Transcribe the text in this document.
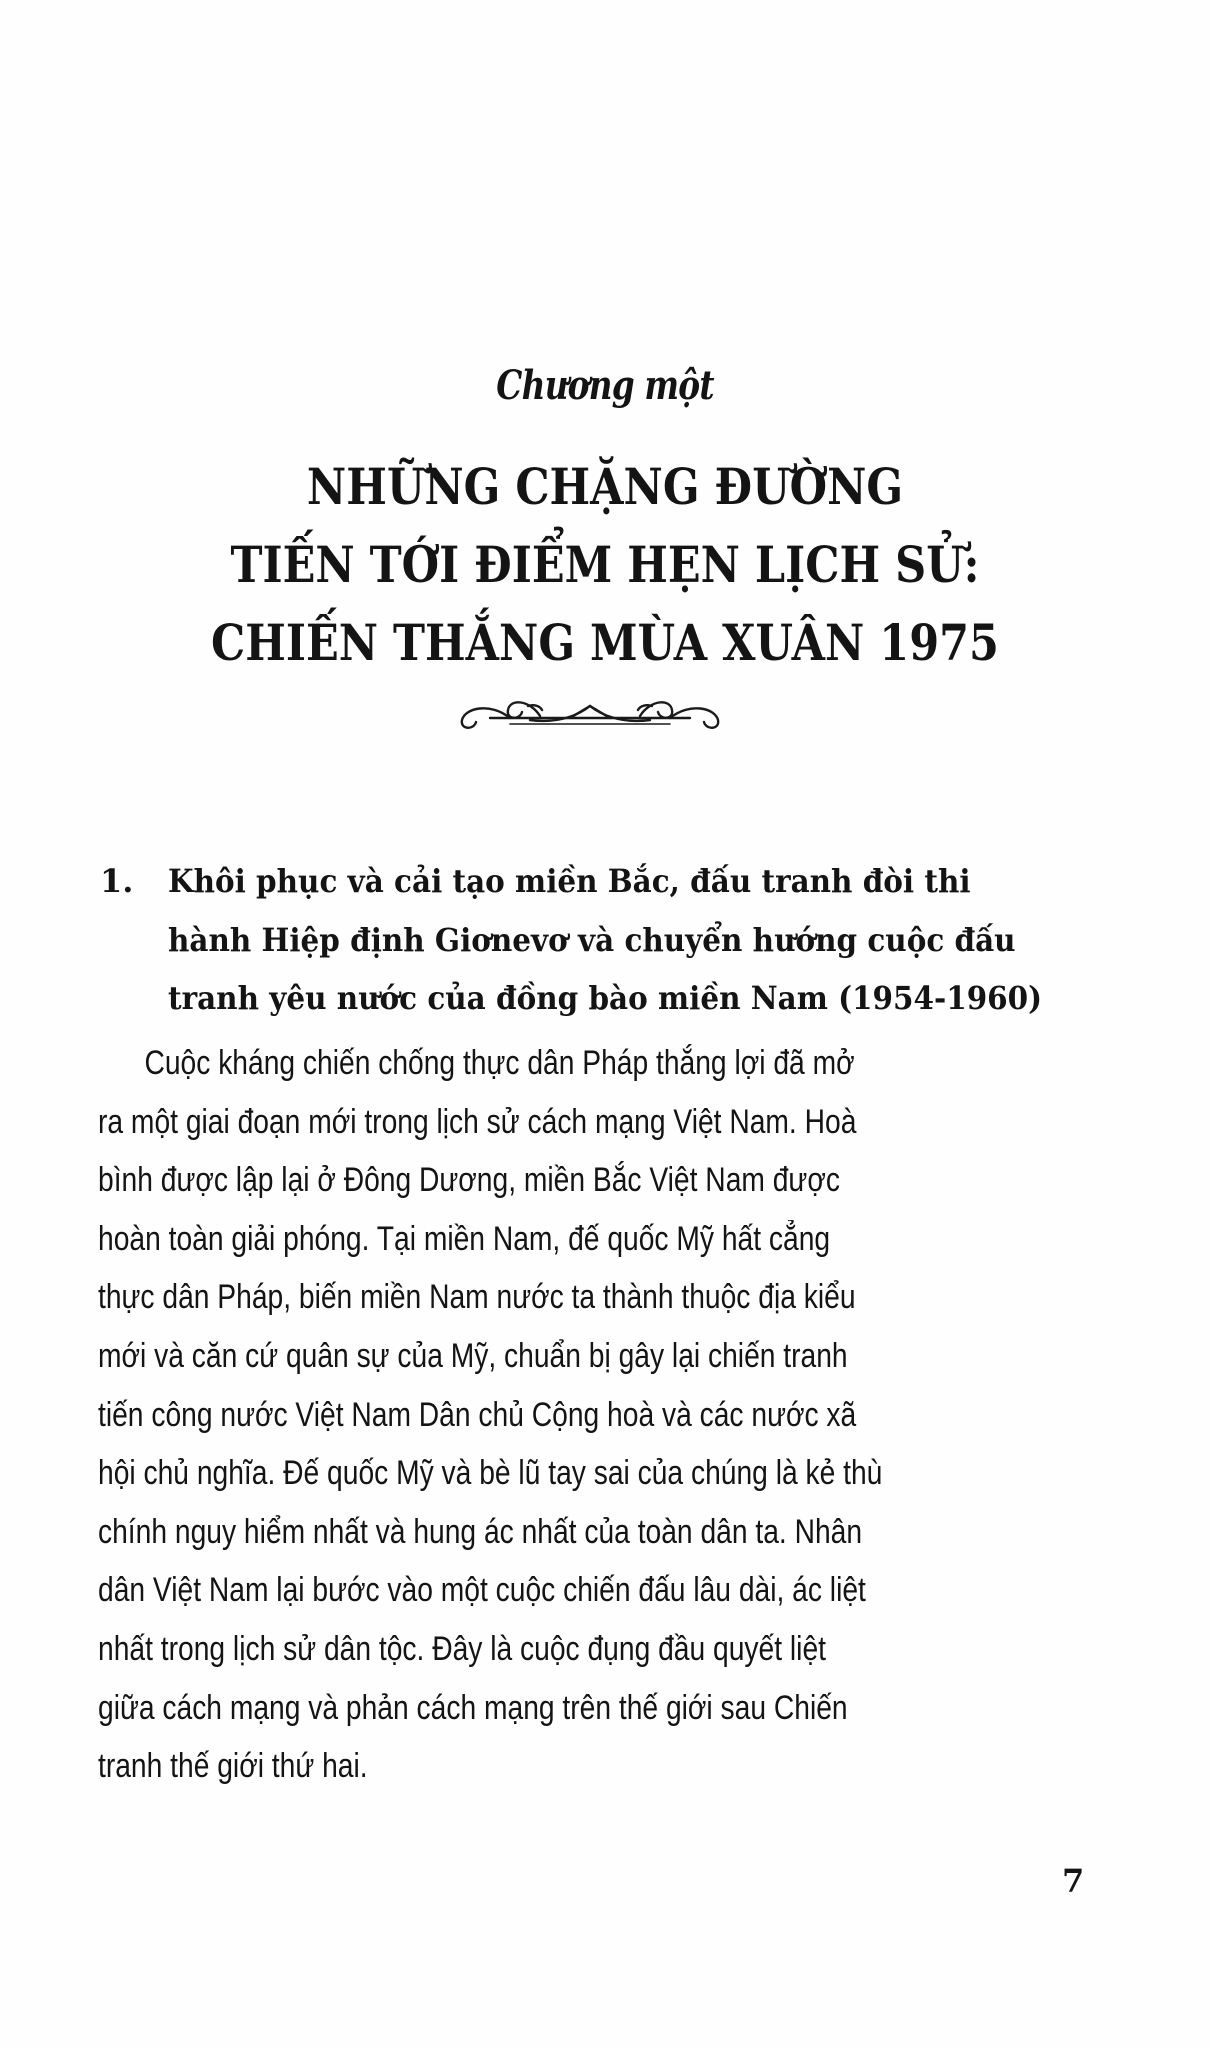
Chương một
NHỮNG CHẶNG ĐƯỜNG
TIẾN TỚI ĐIỂM HẸN LỊCH SỬ:
CHIẾN THẮNG MÙA XUÂN 1975
1. Khôi phục và cải tạo miền Bắc, đấu tranh đòi thi
hành Hiệp định Giơnevơ và chuyển hướng cuộc đấu
tranh yêu nước của đồng bào miền Nam (1954-1960)
Cuộc kháng chiến chống thực dân Pháp thắng lợi đã mở
ra một giai đoạn mới trong lịch sử cách mạng Việt Nam. Hoà
bình được lập lại ở Đông Dương, miền Bắc Việt Nam được
hoàn toàn giải phóng. Tại miền Nam, đế quốc Mỹ hất cẳng
thực dân Pháp, biến miền Nam nước ta thành thuộc địa kiểu
mới và căn cứ quân sự của Mỹ, chuẩn bị gây lại chiến tranh
tiến công nước Việt Nam Dân chủ Cộng hoà và các nước xã
hội chủ nghĩa. Đế quốc Mỹ và bè lũ tay sai của chúng là kẻ thù
chính nguy hiểm nhất và hung ác nhất của toàn dân ta. Nhân
dân Việt Nam lại bước vào một cuộc chiến đấu lâu dài, ác liệt
nhất trong lịch sử dân tộc. Đây là cuộc đụng đầu quyết liệt
giữa cách mạng và phản cách mạng trên thế giới sau Chiến
tranh thế giới thứ hai.
7
